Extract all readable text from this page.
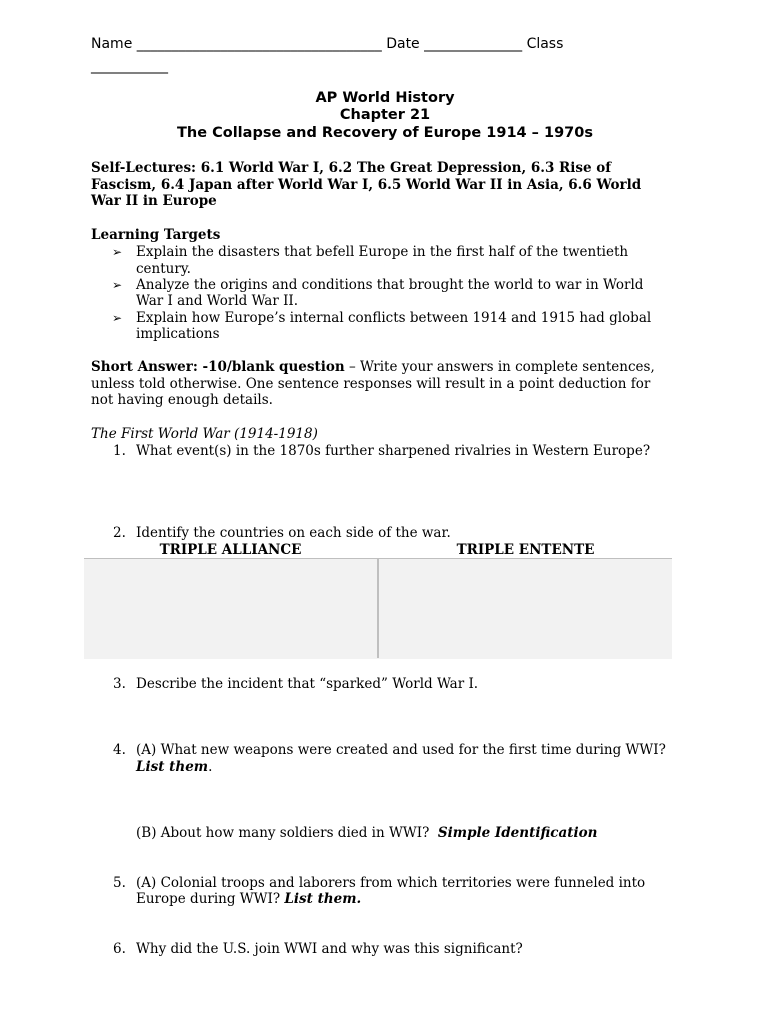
Name ___________________________________ Date ______________ Class
___________
AP World History
Chapter 21
The Collapse and Recovery of Europe 1914 – 1970s
Self-Lectures: 6.1 World War I, 6.2 The Great Depression, 6.3 Rise of
Fascism, 6.4 Japan after World War I, 6.5 World War II in Asia, 6.6 World
War II in Europe
Learning Targets
➢ Explain the disasters that befell Europe in the first half of the twentieth
century.
➢ Analyze the origins and conditions that brought the world to war in World
War I and World War II.
➢ Explain how Europe’s internal conflicts between 1914 and 1915 had global
implications
Short Answer: -10/blank question – Write your answers in complete sentences,
unless told otherwise. One sentence responses will result in a point deduction for
not having enough details.
The First World War (1914-1918)
1. What event(s) in the 1870s further sharpened rivalries in Western Europe?
2. Identify the countries on each side of the war.
TRIPLE ALLIANCE	TRIPLE ENTENTE
3. Describe the incident that “sparked” World War I.
4. (A) What new weapons were created and used for the first time during WWI?
List them.
(B) About how many soldiers died in WWI?  Simple Identification
5. (A) Colonial troops and laborers from which territories were funneled into
Europe during WWI? List them.
6. Why did the U.S. join WWI and why was this significant?
